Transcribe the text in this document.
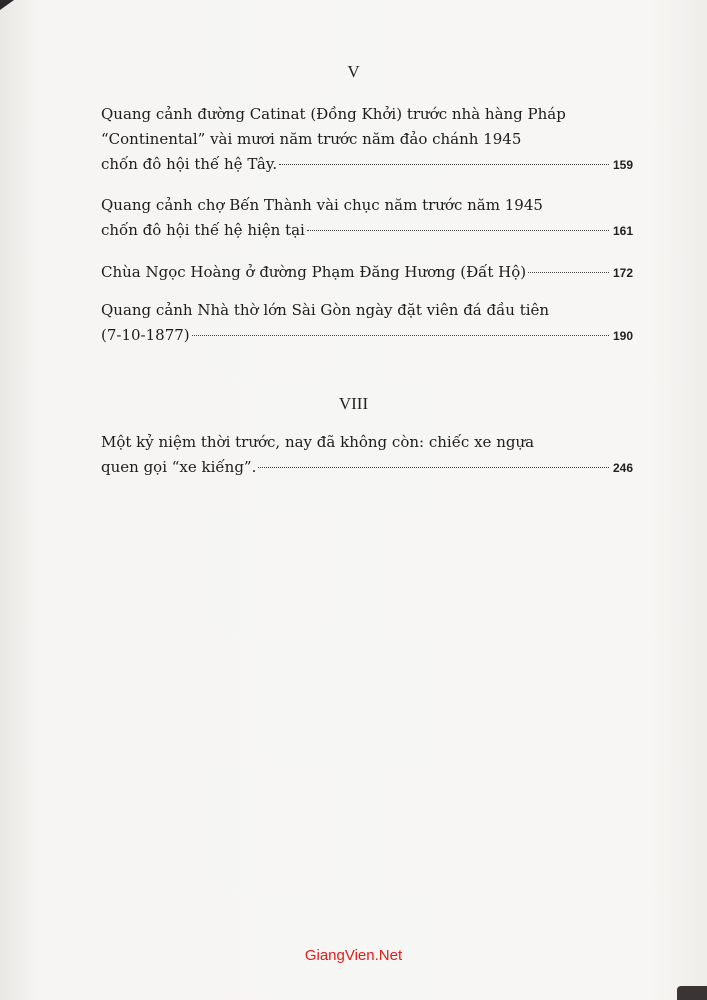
V
Quang cảnh đường Catinat (Đồng Khởi) trước nhà hàng Pháp
“Continental” vài mươi năm trước năm đảo chánh 1945
chốn đô hội thế hệ Tây.	159
Quang cảnh chợ Bến Thành vài chục năm trước năm 1945
chốn đô hội thế hệ hiện tại	161
Chùa Ngọc Hoàng ở đường Phạm Đăng Hương (Đất Hộ)	172
Quang cảnh Nhà thờ lớn Sài Gòn ngày đặt viên đá đầu tiên
(7-10-1877)	190
VIII
Một kỷ niệm thời trước, nay đã không còn: chiếc xe ngựa
quen gọi “xe kiếng”.	246
GiangVien.Net
